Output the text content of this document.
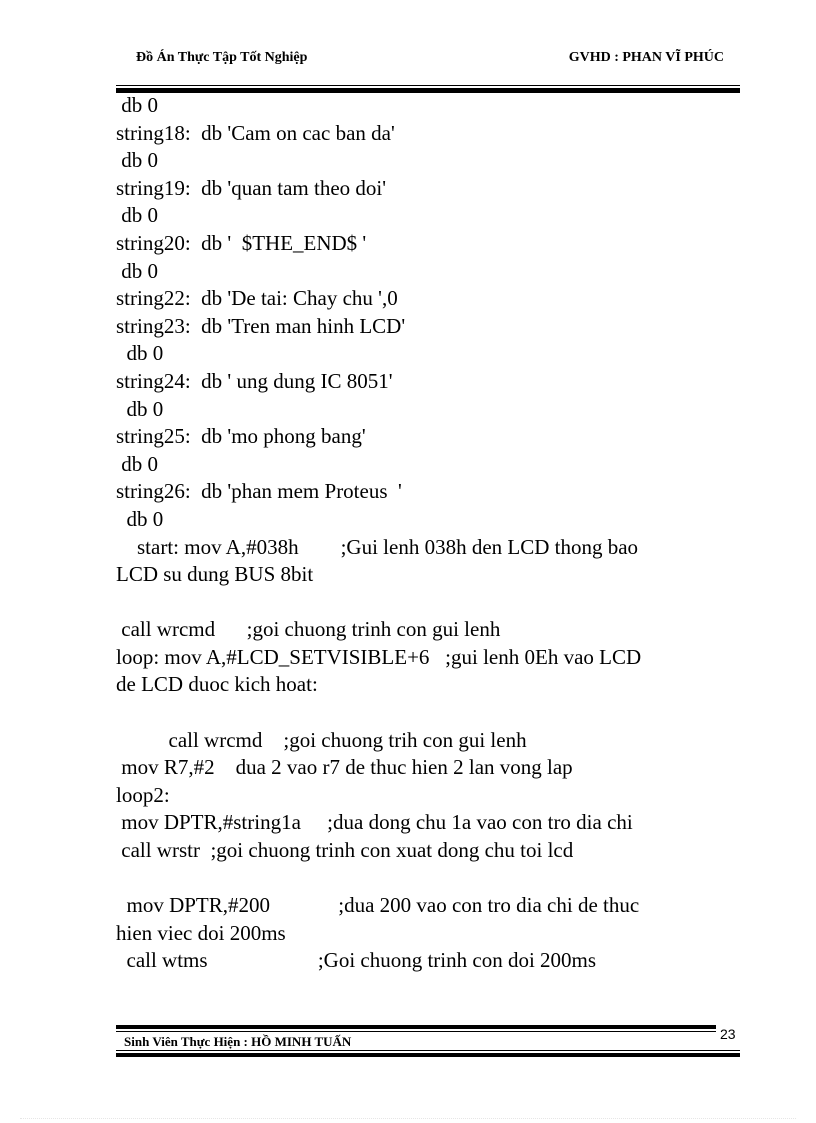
Đồ Án Thực Tập Tốt Nghiệp	GVHD : PHAN VĨ PHÚC
db 0
string18:  db 'Cam on cac ban da'
db 0
string19:  db 'quan tam theo doi'
db 0
string20:  db '  $THE_END$ '
db 0
string22:  db 'De tai: Chay chu ',0
string23:  db 'Tren man hinh LCD'
db 0
string24:  db ' ung dung IC 8051'
db 0
string25:  db 'mo phong bang'
db 0
string26:  db 'phan mem Proteus  '
db 0
start: mov A,#038h        ;Gui lenh 038h den LCD thong bao
LCD su dung BUS 8bit
call wrcmd      ;goi chuong trinh con gui lenh
loop: mov A,#LCD_SETVISIBLE+6   ;gui lenh 0Eh vao LCD
de LCD duoc kich hoat:
call wrcmd    ;goi chuong trih con gui lenh
mov R7,#2    dua 2 vao r7 de thuc hien 2 lan vong lap
loop2:
mov DPTR,#string1a     ;dua dong chu 1a vao con tro dia chi
call wrstr  ;goi chuong trinh con xuat dong chu toi lcd
mov DPTR,#200             ;dua 200 vao con tro dia chi de thuc
hien viec doi 200ms
call wtms                     ;Goi chuong trinh con doi 200ms
23
Sinh Viên Thực Hiện : HỒ MINH TUẤN
